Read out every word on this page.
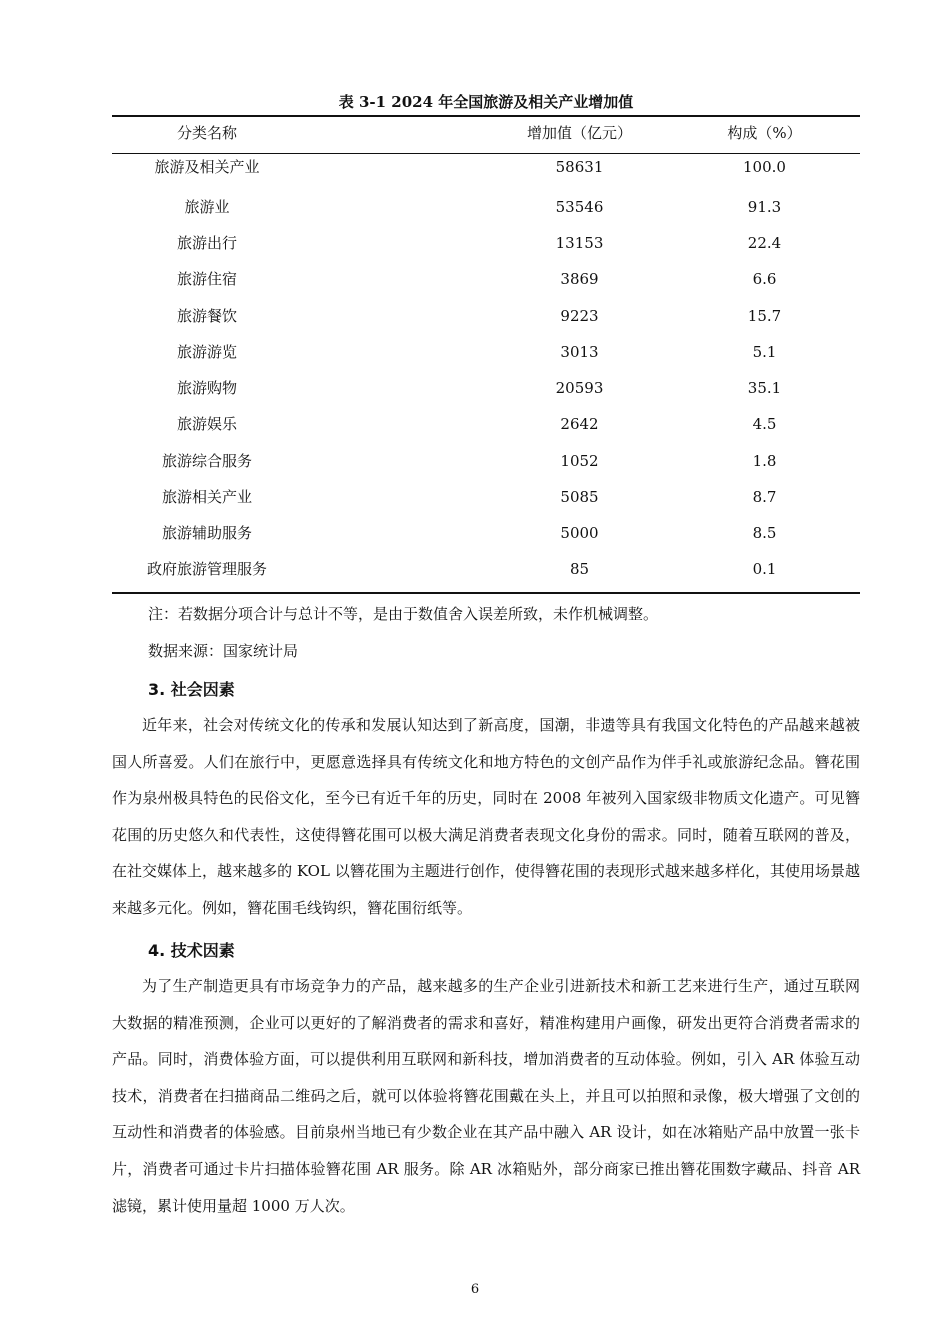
表 3-1 2024 年全国旅游及相关产业增加值
分类名称	增加值（亿元）	构成（%）
旅游及相关产业	58631	100.0
旅游业	53546	91.3
旅游出行	13153	22.4
旅游住宿	3869	6.6
旅游餐饮	9223	15.7
旅游游览	3013	5.1
旅游购物	20593	35.1
旅游娱乐	2642	4.5
旅游综合服务	1052	1.8
旅游相关产业	5085	8.7
旅游辅助服务	5000	8.5
政府旅游管理服务	85	0.1
注：若数据分项合计与总计不等，是由于数值舍入误差所致，未作机械调整。
数据来源：国家统计局
3. 社会因素

近年来，社会对传统文化的传承和发展认知达到了新高度，国潮，非遗等具有我国文化特色的产品越来越被国人所喜爱。人们在旅行中，更愿意选择具有传统文化和地方特色的文创产品作为伴手礼或旅游纪念品。簪花围作为泉州极具特色的民俗文化，至今已有近千年的历史，同时在 2008 年被列入国家级非物质文化遗产。可见簪花围的历史悠久和代表性，这使得簪花围可以极大满足消费者表现文化身份的需求。同时，随着互联网的普及，在社交媒体上，越来越多的 KOL 以簪花围为主题进行创作，使得簪花围的表现形式越来越多样化，其使用场景越来越多元化。例如，簪花围毛线钩织，簪花围衍纸等。

4. 技术因素

为了生产制造更具有市场竞争力的产品，越来越多的生产企业引进新技术和新工艺来进行生产，通过互联网大数据的精准预测，企业可以更好的了解消费者的需求和喜好，精准构建用户画像，研发出更符合消费者需求的产品。同时，消费体验方面，可以提供利用互联网和新科技，增加消费者的互动体验。例如，引入 AR 体验互动技术，消费者在扫描商品二维码之后，就可以体验将簪花围戴在头上，并且可以拍照和录像，极大增强了文创的互动性和消费者的体验感。目前泉州当地已有少数企业在其产品中融入 AR 设计，如在冰箱贴产品中放置一张卡片，消费者可通过卡片扫描体验簪花围 AR 服务。除 AR 冰箱贴外，部分商家已推出簪花围数字藏品、抖音 AR 滤镜，累计使用量超 1000 万人次。

6
